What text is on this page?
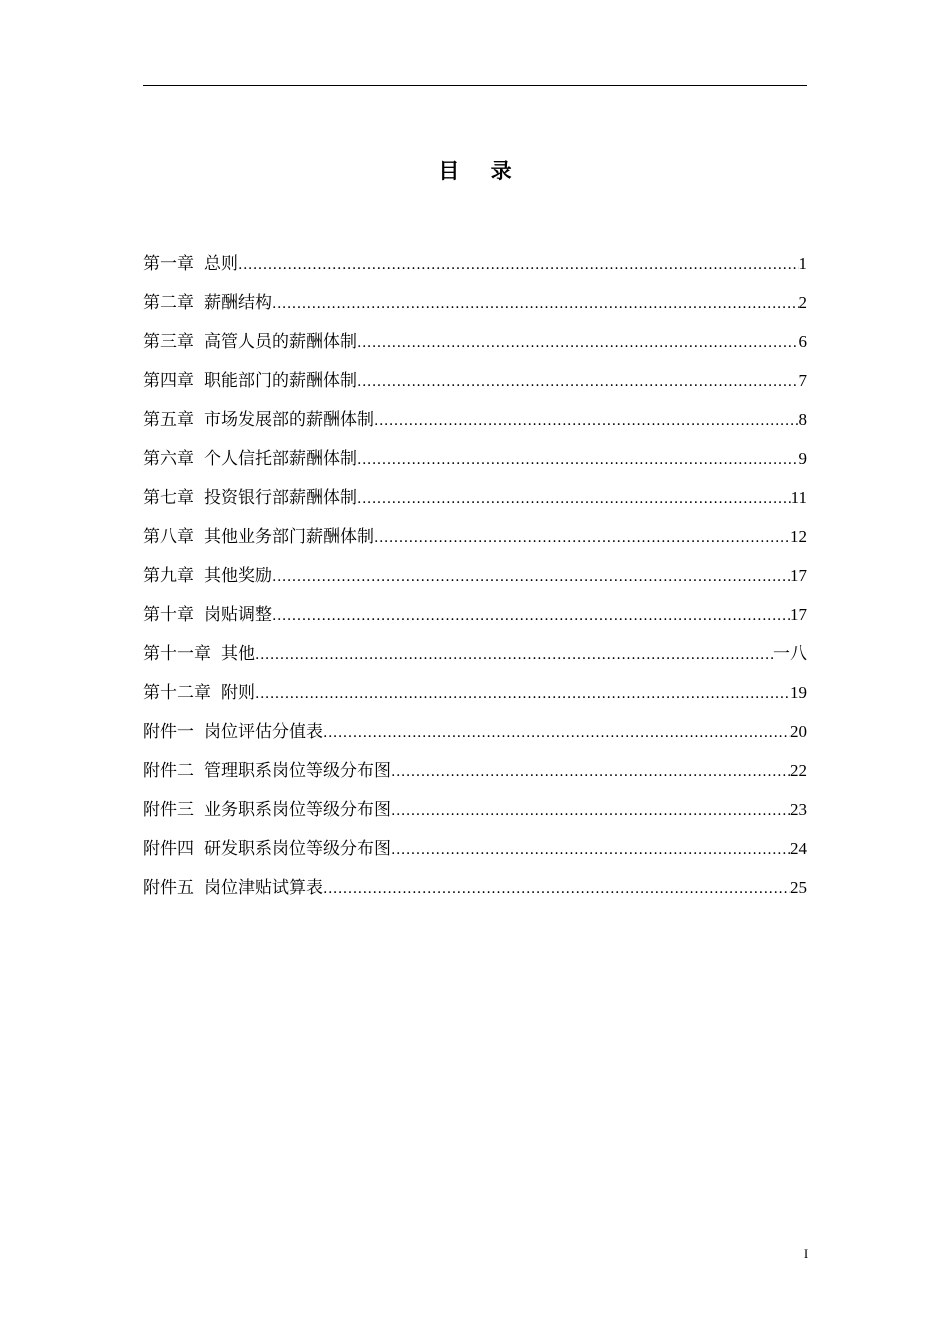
目 录
第一章 总则 .....	1
第二章 薪酬结构 .....	2
第三章 高管人员的薪酬体制 .....	6
第四章 职能部门的薪酬体制 .....	7
第五章 市场发展部的薪酬体制 .....	8
第六章 个人信托部薪酬体制 .....	9
第七章 投资银行部薪酬体制 .....	11
第八章 其他业务部门薪酬体制 .....	12
第九章 其他奖励 .....	17
第十章 岗贴调整 .....	17
第十一章 其他 .....	一八
第十二章 附则 .....	19
附件一 岗位评估分值表 .....	20
附件二 管理职系岗位等级分布图 .....	22
附件三 业务职系岗位等级分布图 .....	23
附件四 研发职系岗位等级分布图 .....	24
附件五 岗位津贴试算表 .....	25
I
